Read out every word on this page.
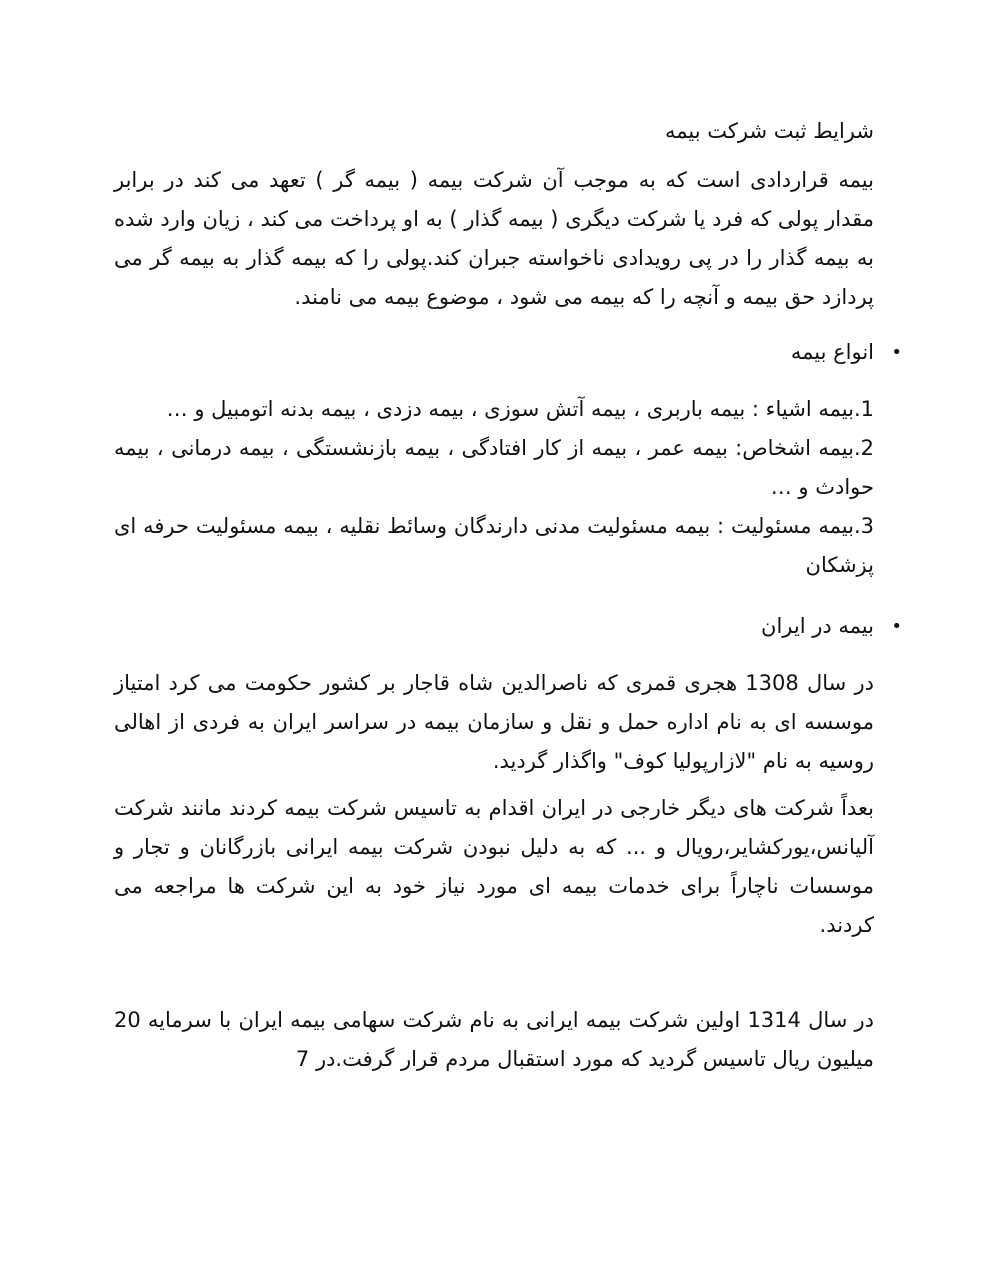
شرایط ثبت شرکت بیمه

بیمه قراردادی است که به موجب آن شرکت بیمه ( بیمه گر ) تعهد می کند در برابر مقدار پولی که فرد یا شرکت دیگری ( بیمه گذار ) به او پرداخت می کند ، زیان وارد شده به بیمه گذار را در پی رویدادی ناخواسته جبران کند.پولی را که بیمه گذار به بیمه گر می پردازد حق بیمه و آنچه را که بیمه می شود ، موضوع بیمه می نامند.

•
انواع بیمه

1.بیمه اشیاء : بیمه باربری ، بیمه آتش سوزی ، بیمه دزدی ، بیمه بدنه اتومبیل و …

2.بیمه اشخاص: بیمه عمر ، بیمه از کار افتادگی ، بیمه بازنشستگی ، بیمه درمانی ، بیمه حوادث و …

3.بیمه مسئولیت : بیمه مسئولیت مدنی دارندگان وسائط نقلیه ، بیمه مسئولیت حرفه ای پزشکان

•
بیمه در ایران

در سال 1308 هجری قمری که ناصرالدین شاه قاجار بر کشور حکومت می کرد امتیاز موسسه ای به نام اداره حمل و نقل و سازمان بیمه در سراسر ایران به فردی از اهالی روسیه به نام "لازارپولیا کوف" واگذار گردید.

بعداً شرکت های دیگر خارجی در ایران اقدام به تاسیس شرکت بیمه کردند مانند شرکت آلیانس،یورکشایر،رویال و ... که به دلیل نبودن شرکت بیمه ایرانی بازرگانان و تجار و موسسات ناچاراً برای خدمات بیمه ای مورد نیاز خود به این شرکت ها مراجعه می کردند.

در سال 1314 اولین شرکت بیمه ایرانی به نام شرکت سهامی بیمه ایران با سرمایه 20 میلیون ریال تاسیس گردید که مورد استقبال مردم قرار گرفت.در 7
